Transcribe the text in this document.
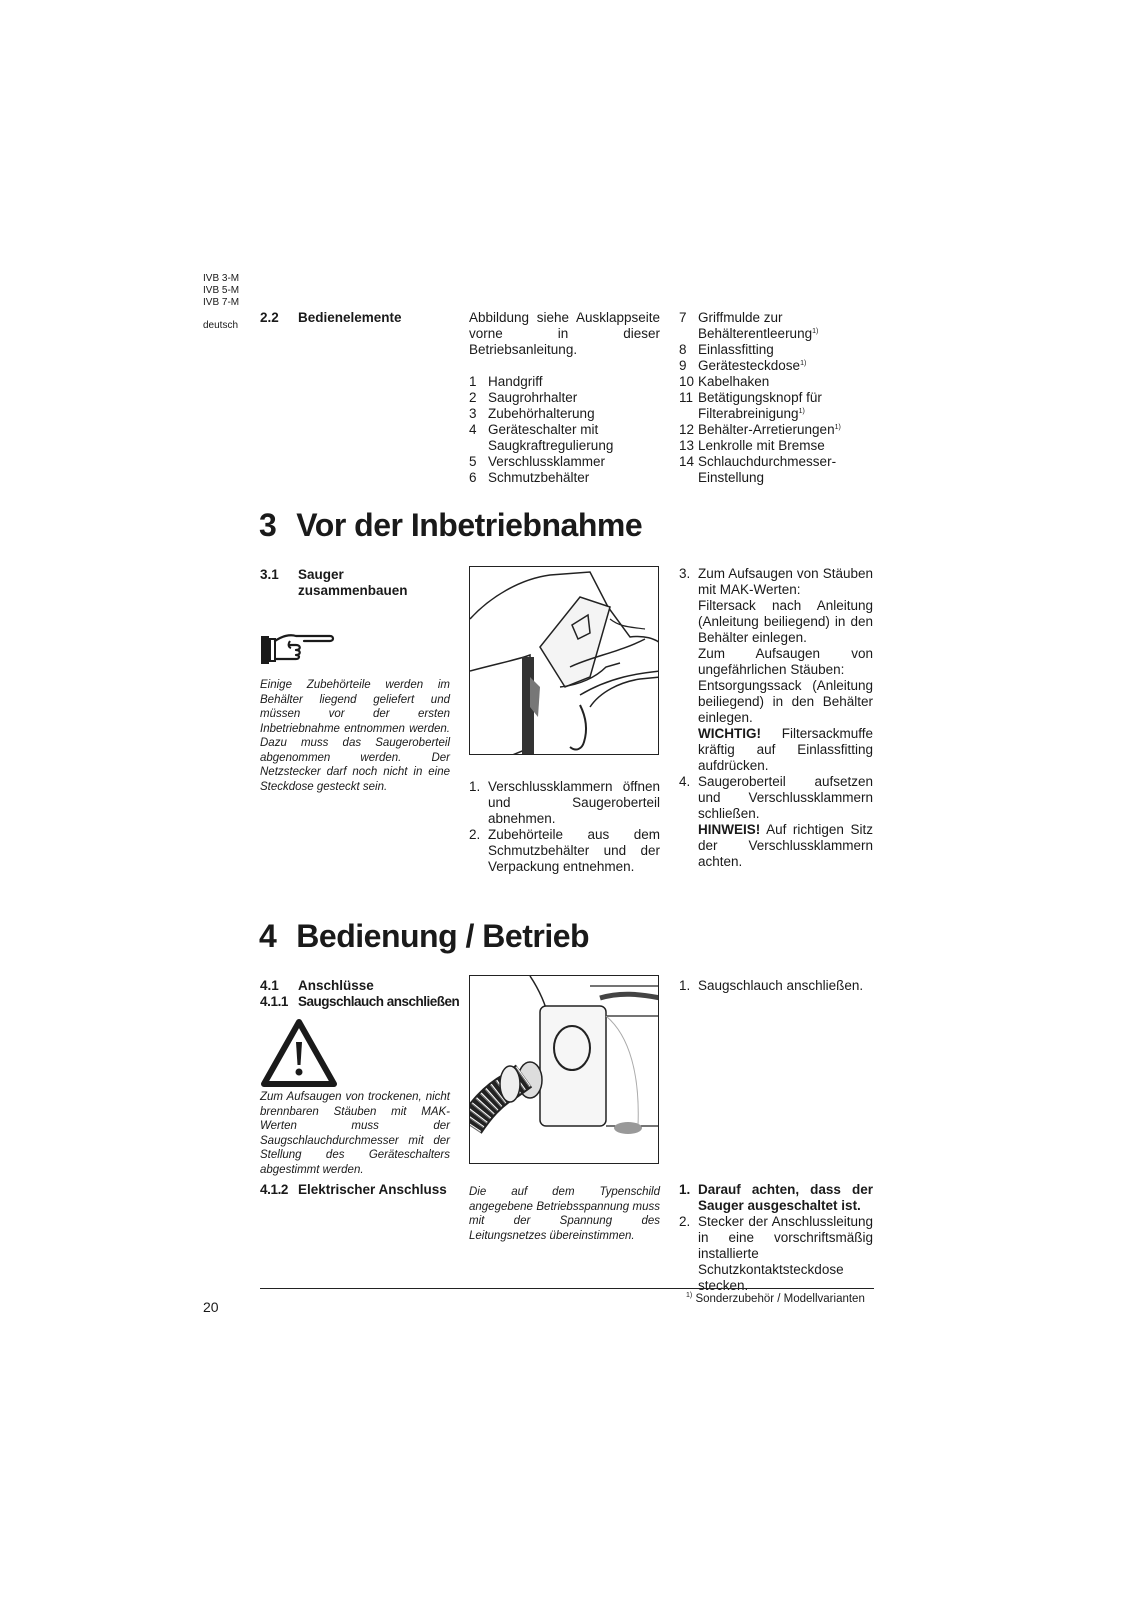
IVB 3-M
IVB 5-M
IVB 7-M
deutsch
2.2 Bedienelemente	Abbildung siehe Ausklappseite vorne in dieser Betriebsanleitung.
1 Handgriff
2 Saugrohrhalter
3 Zubehörhalterung
4 Geräteschalter mit Saugkraftregulierung
5 Verschlussklammer
6 Schmutzbehälter
7 Griffmulde zur Behälterentleerung$^{1)}$
8 Einlassfitting
9 Gerätesteckdose$^{1)}$
10 Kabelhaken
11 Betätigungsknopf für Filterabreinigung$^{1)}$
12 Behälter-Arretierungen$^{1)}$
13 Lenkrolle mit Bremse
14 Schlauchdurchmesser-Einstellung
3 Vor der Inbetriebnahme
3.1 Sauger zusammenbauen
Einige Zubehörteile werden im Behälter liegend geliefert und müssen vor der ersten Inbetriebnahme entnommen werden. Dazu muss das Saugeroberteil abgenommen werden. Der Netzstecker darf noch nicht in eine Steckdose gesteckt sein.	1. Verschlussklammern öffnen und Saugeroberteil abnehmen.
2. Zubehörteile aus dem Schmutzbehälter und der Verpackung entnehmen.
3. Zum Aufsaugen von Stäuben mit MAK-Werten:
Filtersack nach Anleitung (Anleitung beiliegend) in den Behälter einlegen.
Zum Aufsaugen von ungefährlichen Stäuben:
Entsorgungssack (Anleitung beiliegend) in den Behälter einlegen.
WICHTIG! Filtersackmuffe kräftig auf Einlassfitting aufdrücken.
4. Saugeroberteil aufsetzen und Verschlussklammern schließen.
HINWEIS! Auf richtigen Sitz der Verschlussklammern achten.
4 Bedienung / Betrieb
4.1 Anschlüsse
4.1.1 Saugschlauch anschließen
Zum Aufsaugen von trockenen, nicht brennbaren Stäuben mit MAK-Werten muss der Saugschlauchdurchmesser mit der Stellung des Geräteschalters abgestimmt werden.
1. Saugschlauch anschließen.
4.1.2 Elektrischer Anschluss Die auf dem Typenschild angegebene Betriebsspannung muss mit der Spannung des Leitungsnetzes übereinstimmen.
1. Darauf achten, dass der Sauger ausgeschaltet ist.
2. Stecker der Anschlussleitung in eine vorschriftsmäßig installierte Schutzkontaktsteckdose stecken.
$^{1)}$ Sonderzubehör / Modellvarianten
20
